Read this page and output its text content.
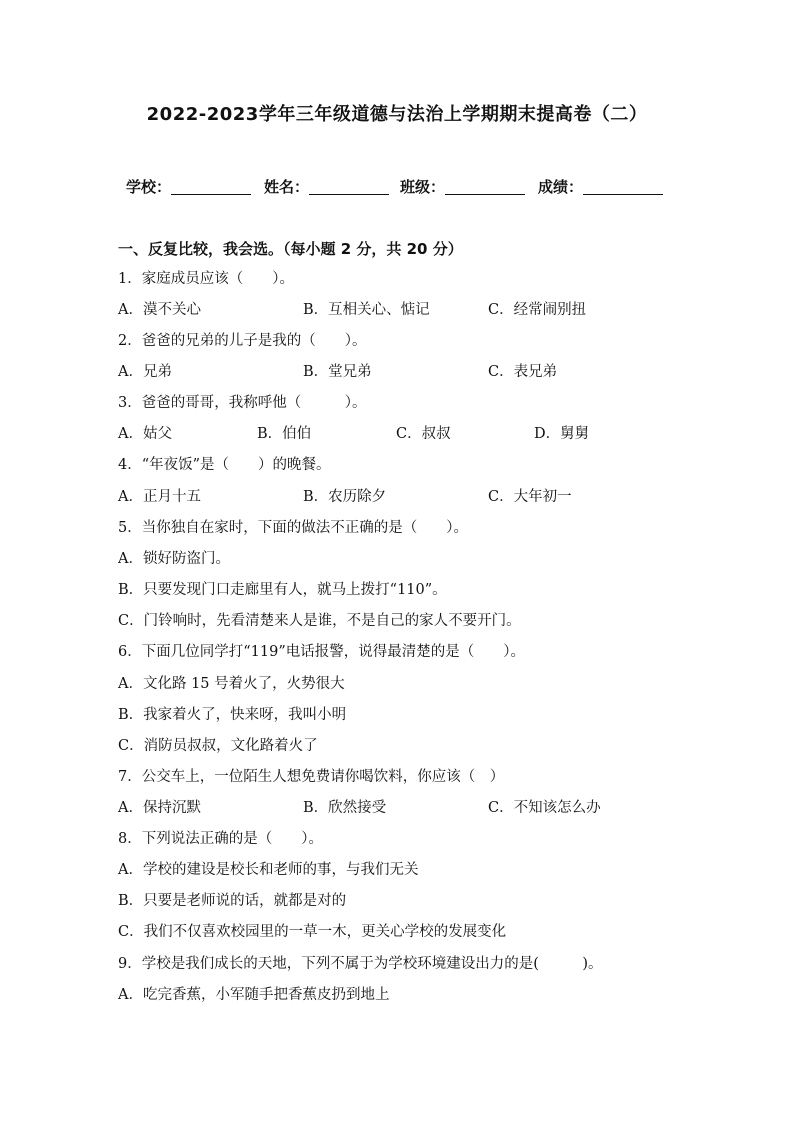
2022-2023学年三年级道德与法治上学期期末提高卷（二）
学校：	姓名：	班级：	成绩：
一、反复比较，我会选。（每小题 2 分，共 20 分）
1．家庭成员应该（　　）。
A．漠不关心	B．互相关心、惦记	C．经常闹别扭
2．爸爸的兄弟的儿子是我的（　　）。
A．兄弟	B．堂兄弟	C．表兄弟
3．爸爸的哥哥，我称呼他（　　　）。
A．姑父	B．伯伯	C．叔叔	D．舅舅
4．“年夜饭”是（　　）的晚餐。
A．正月十五	B．农历除夕	C．大年初一
5．当你独自在家时，下面的做法不正确的是（　　）。
A．锁好防盗门。
B．只要发现门口走廊里有人，就马上拨打“110”。
C．门铃响时，先看清楚来人是谁，不是自己的家人不要开门。
6．下面几位同学打“119”电话报警，说得最清楚的是（　　）。
A．文化路 15 号着火了，火势很大
B．我家着火了，快来呀，我叫小明
C．消防员叔叔，文化路着火了
7．公交车上，一位陌生人想免费请你喝饮料，你应该（　）
A．保持沉默	B．欣然接受	C．不知该怎么办
8．下列说法正确的是（　　）。
A．学校的建设是校长和老师的事，与我们无关
B．只要是老师说的话，就都是对的
C．我们不仅喜欢校园里的一草一木，更关心学校的发展变化
9．学校是我们成长的天地，下列不属于为学校环境建设出力的是(　　　)。
A．吃完香蕉，小军随手把香蕉皮扔到地上
